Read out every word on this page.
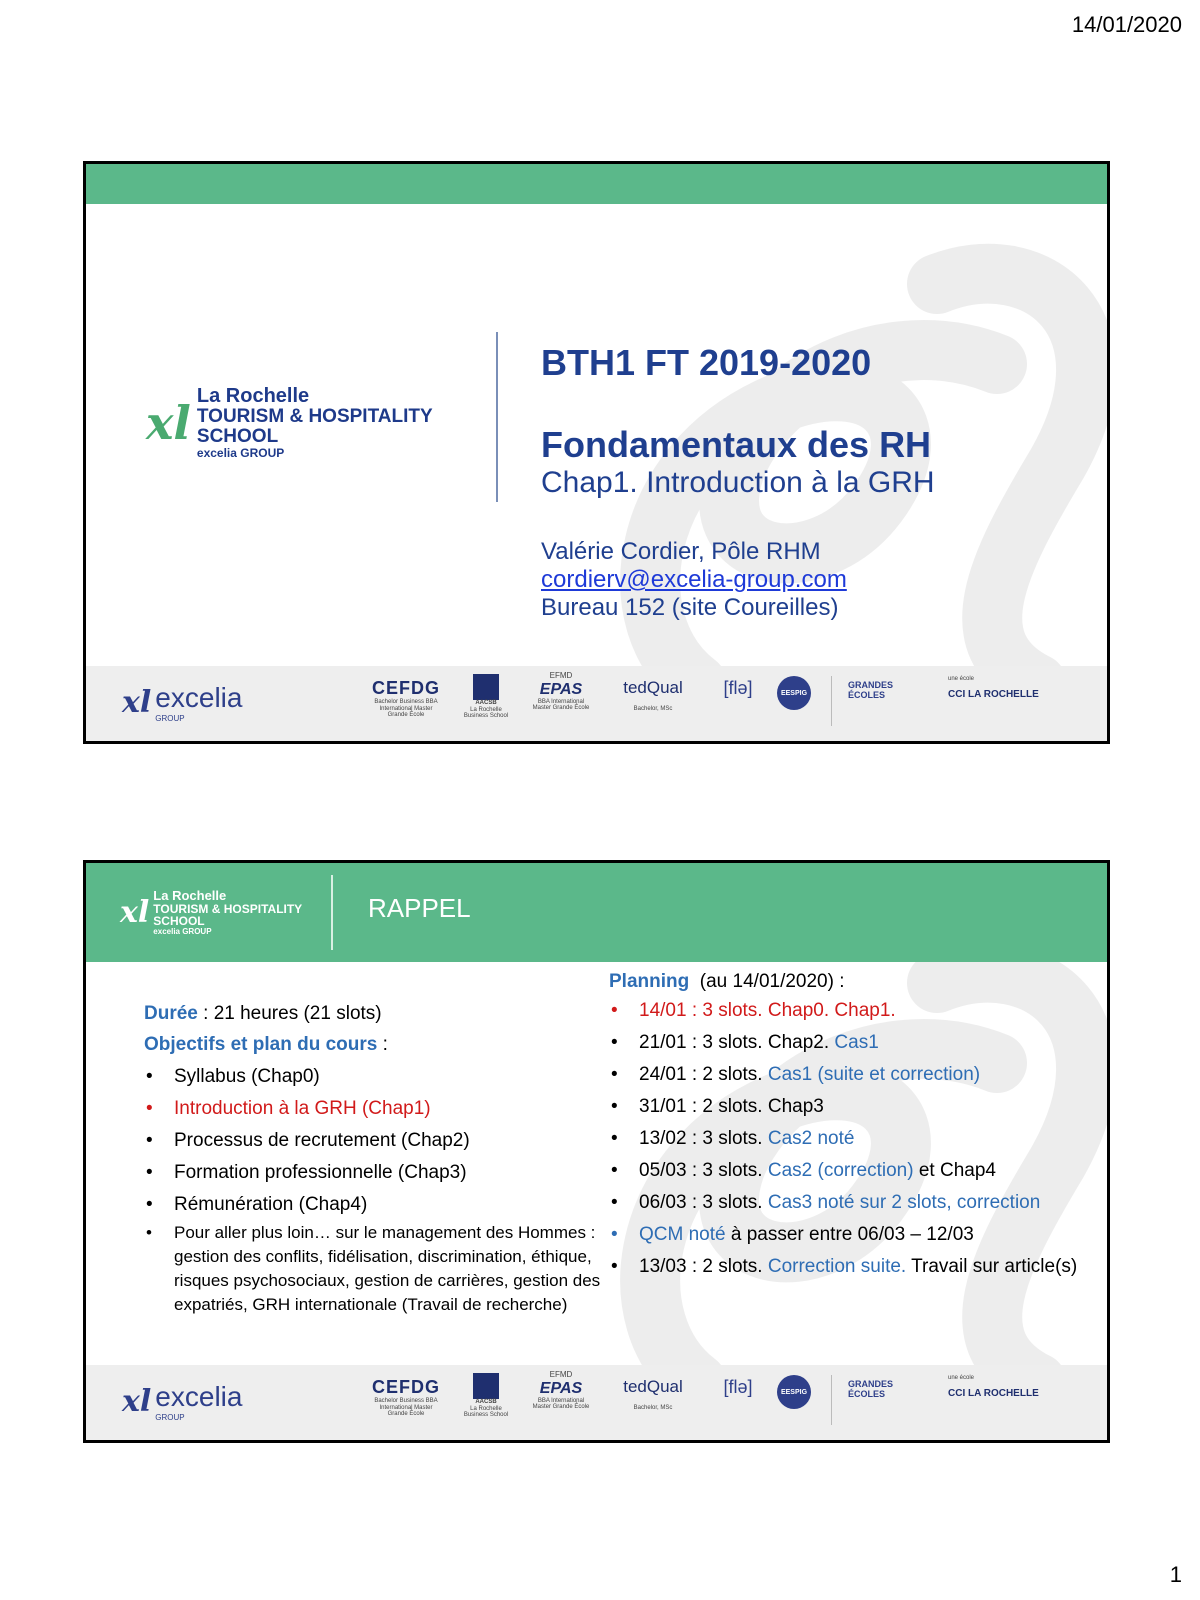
14/01/2020
xl La Rochelle
TOURISM & HOSPITALITY
SCHOOL
excelia GROUP
BTH1 FT 2019-2020
Fondamentaux des RH
Chap1. Introduction à la GRH
Valérie Cordier, Pôle RHM
cordierv@excelia-group.com
Bureau 152 (site Coureilles)
xl excelia
GROUP
CEFDG
Bachelor Business BBA International Master Grande École
AACSB
La Rochelle Business School
EFMD
EPAS
BBA International Master Grande École
tedQual
Bachelor, MSc
[flə]	EESPIG
GRANDES ÉCOLES
une école
CCI LA ROCHELLE
xl La Rochelle
TOURISM & HOSPITALITY
SCHOOL
excelia GROUP
RAPPEL
Durée : 21 heures (21 slots)
Objectifs et plan du cours :
• Syllabus (Chap0)
• Introduction à la GRH (Chap1)
• Processus de recrutement (Chap2)
• Formation professionnelle (Chap3)
• Rémunération (Chap4)
• Pour aller plus loin… sur le management des Hommes : gestion des conflits, fidélisation, discrimination, éthique, risques psychosociaux, gestion de carrières, gestion des expatriés, GRH internationale (Travail de recherche)
Planning  (au 14/01/2020) :
• 14/01 : 3 slots. Chap0. Chap1.
• 21/01 : 3 slots. Chap2. Cas1
• 24/01 : 2 slots. Cas1 (suite et correction)
• 31/01 : 2 slots. Chap3
• 13/02 : 3 slots. Cas2 noté
• 05/03 : 3 slots. Cas2 (correction) et Chap4
• 06/03 : 3 slots. Cas3 noté sur 2 slots, correction
• QCM noté à passer entre 06/03 – 12/03
• 13/03 : 2 slots. Correction suite. Travail sur article(s)
xl excelia
GROUP
CEFDG
Bachelor Business BBA International Master Grande École
AACSB
La Rochelle Business School
EFMD
EPAS
BBA International Master Grande École
tedQual
Bachelor, MSc
[flə]	EESPIG
GRANDES ÉCOLES
une école
CCI LA ROCHELLE
1
